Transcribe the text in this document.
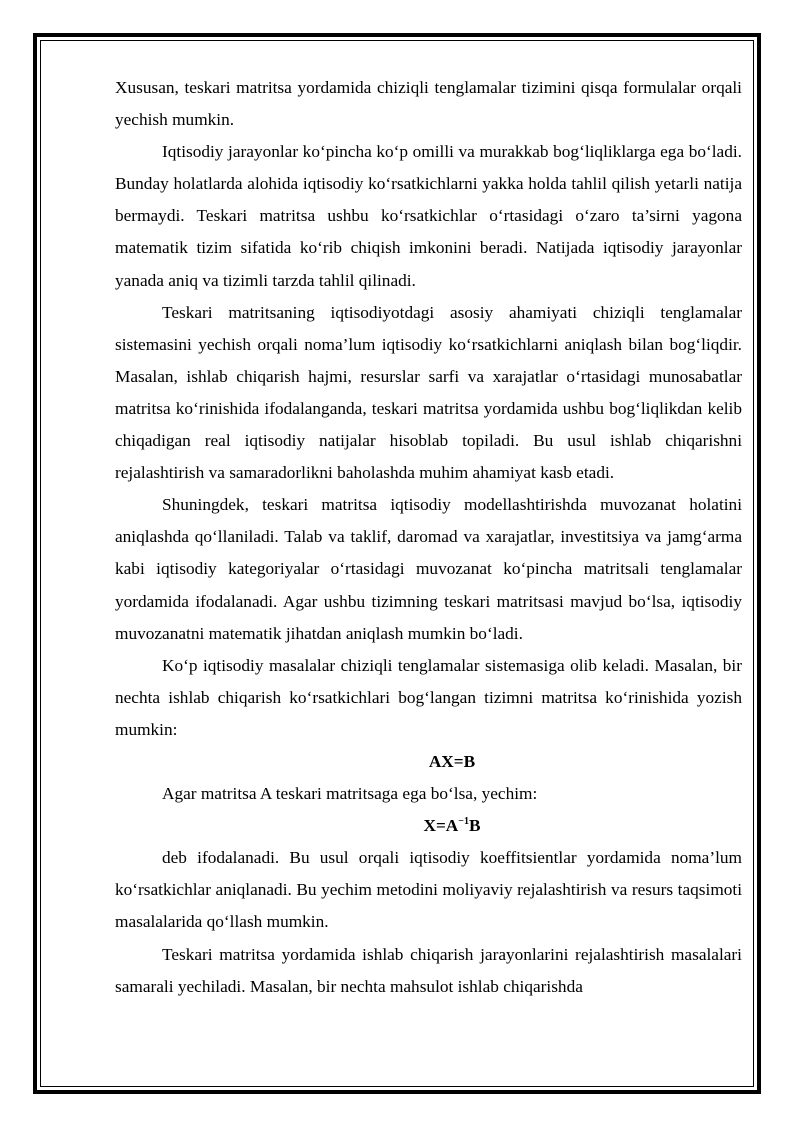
Xususan, teskari matritsa yordamida chiziqli tenglamalar tizimini qisqa formulalar orqali yechish mumkin.

Iqtisodiy jarayonlar ko‘pincha ko‘p omilli va murakkab bog‘liqliklarga ega bo‘ladi. Bunday holatlarda alohida iqtisodiy ko‘rsatkichlarni yakka holda tahlil qilish yetarli natija bermaydi. Teskari matritsa ushbu ko‘rsatkichlar o‘rtasidagi o‘zaro ta’sirni yagona matematik tizim sifatida ko‘rib chiqish imkonini beradi. Natijada iqtisodiy jarayonlar yanada aniq va tizimli tarzda tahlil qilinadi.

Teskari matritsaning iqtisodiyotdagi asosiy ahamiyati chiziqli tenglamalar sistemasini yechish orqali noma’lum iqtisodiy ko‘rsatkichlarni aniqlash bilan bog‘liqdir. Masalan, ishlab chiqarish hajmi, resurslar sarfi va xarajatlar o‘rtasidagi munosabatlar matritsa ko‘rinishida ifodalanganda, teskari matritsa yordamida ushbu bog‘liqlikdan kelib chiqadigan real iqtisodiy natijalar hisoblab topiladi. Bu usul ishlab chiqarishni rejalashtirish va samaradorlikni baholashda muhim ahamiyat kasb etadi.

Shuningdek, teskari matritsa iqtisodiy modellashtirishda muvozanat holatini aniqlashda qo‘llaniladi. Talab va taklif, daromad va xarajatlar, investitsiya va jamg‘arma kabi iqtisodiy kategoriyalar o‘rtasidagi muvozanat ko‘pincha matritsali tenglamalar yordamida ifodalanadi. Agar ushbu tizimning teskari matritsasi mavjud bo‘lsa, iqtisodiy muvozanatni matematik jihatdan aniqlash mumkin bo‘ladi.

Ko‘p iqtisodiy masalalar chiziqli tenglamalar sistemasiga olib keladi. Masalan, bir nechta ishlab chiqarish ko‘rsatkichlari bog‘langan tizimni matritsa ko‘rinishida yozish mumkin:

AX=B

Agar matritsa A teskari matritsaga ega bo‘lsa, yechim:

$X=A^{-1}B$

deb ifodalanadi. Bu usul orqali iqtisodiy koeffitsientlar yordamida noma’lum ko‘rsatkichlar aniqlanadi. Bu yechim metodini moliyaviy rejalashtirish va resurs taqsimoti masalalarida qo‘llash mumkin.

Teskari matritsa yordamida ishlab chiqarish jarayonlarini rejalashtirish masalalari samarali yechiladi. Masalan, bir nechta mahsulot ishlab chiqarishda
